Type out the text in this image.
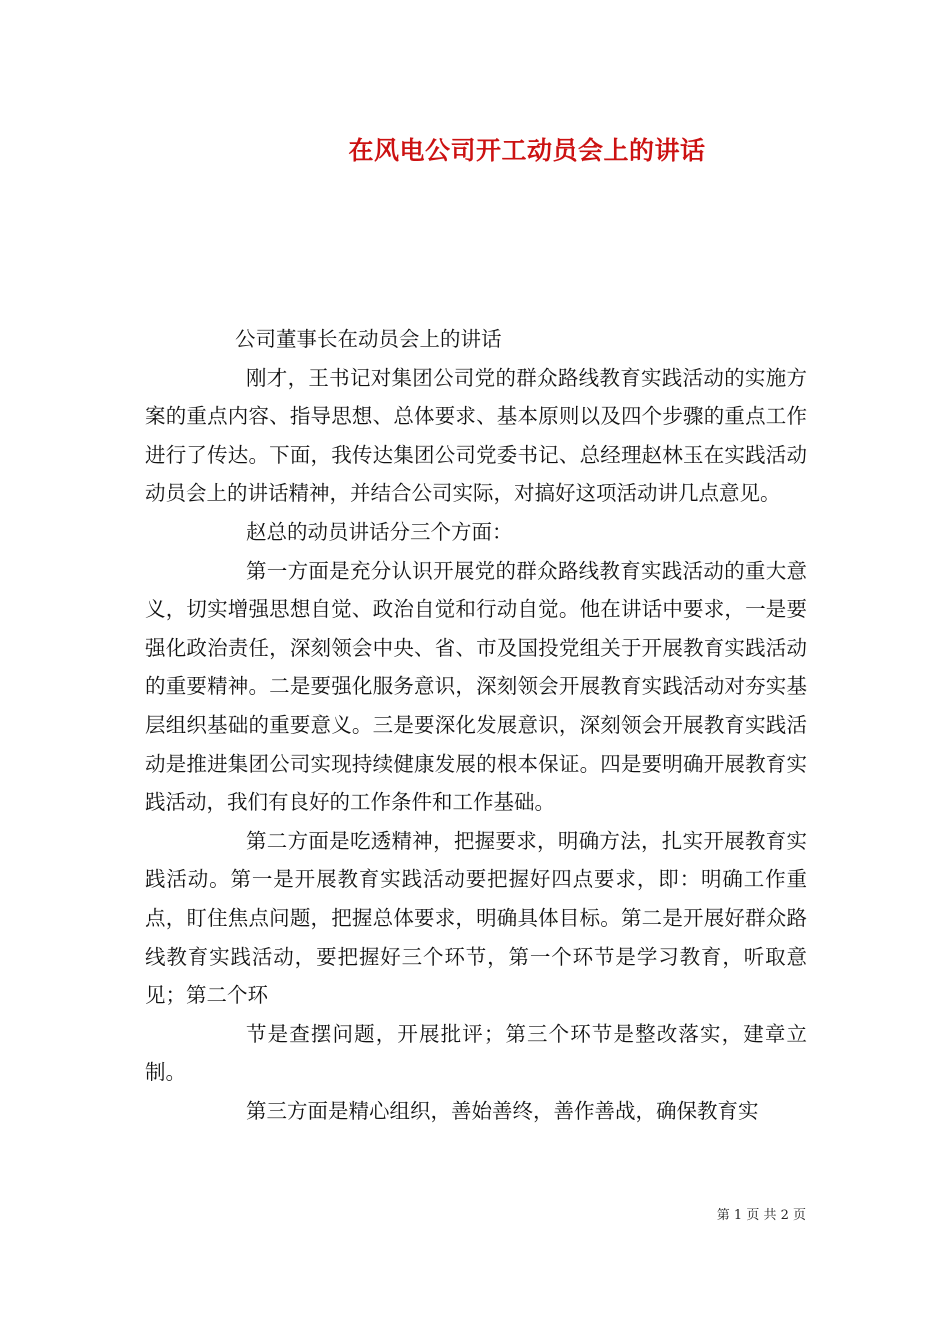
在风电公司开工动员会上的讲话

公司董事长在动员会上的讲话

刚才，王书记对集团公司党的群众路线教育实践活动的实施方案的重点内容、指导思想、总体要求、基本原则以及四个步骤的重点工作进行了传达。下面，我传达集团公司党委书记、总经理赵林玉在实践活动动员会上的讲话精神，并结合公司实际，对搞好这项活动讲几点意见。

赵总的动员讲话分三个方面：

第一方面是充分认识开展党的群众路线教育实践活动的重大意义，切实增强思想自觉、政治自觉和行动自觉。他在讲话中要求，一是要强化政治责任，深刻领会中央、省、市及国投党组关于开展教育实践活动的重要精神。二是要强化服务意识，深刻领会开展教育实践活动对夯实基层组织基础的重要意义。三是要深化发展意识，深刻领会开展教育实践活动是推进集团公司实现持续健康发展的根本保证。四是要明确开展教育实践活动，我们有良好的工作条件和工作基础。

第二方面是吃透精神，把握要求，明确方法，扎实开展教育实践活动。第一是开展教育实践活动要把握好四点要求，即：明确工作重点，盯住焦点问题，把握总体要求，明确具体目标。第二是开展好群众路线教育实践活动，要把握好三个环节，第一个环节是学习教育，听取意见；第二个环

节是查摆问题，开展批评；第三个环节是整改落实，建章立制。

第三方面是精心组织，善始善终，善作善战，确保教育实

第 1 页 共 2 页
